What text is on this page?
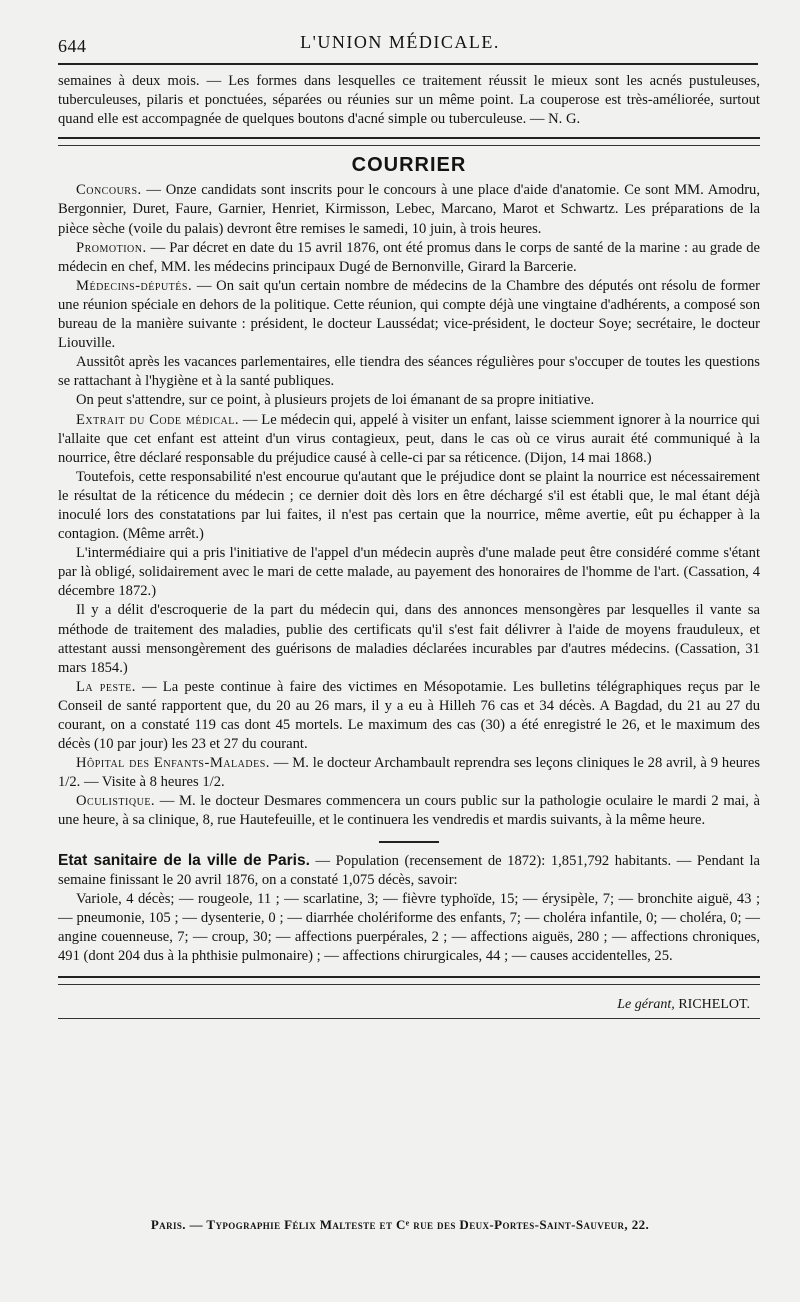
644	L'UNION MÉDICALE.

semaines à deux mois. — Les formes dans lesquelles ce traitement réussit le mieux sont les acnés pustuleuses, tuberculeuses, pilaris et ponctuées, séparées ou réunies sur un même point. La couperose est très-améliorée, surtout quand elle est accompagnée de quelques boutons d'acné simple ou tuberculeuse. — N. G.

COURRIER

Concours. — Onze candidats sont inscrits pour le concours à une place d'aide d'anatomie. Ce sont MM. Amodru, Bergonnier, Duret, Faure, Garnier, Henriet, Kirmisson, Lebec, Marcano, Marot et Schwartz. Les préparations de la pièce sèche (voile du palais) devront être remises le samedi, 10 juin, à trois heures.

Promotion. — Par décret en date du 15 avril 1876, ont été promus dans le corps de santé de la marine : au grade de médecin en chef, MM. les médecins principaux Dugé de Bernonville, Girard la Barcerie.

Médecins-députés. — On sait qu'un certain nombre de médecins de la Chambre des députés ont résolu de former une réunion spéciale en dehors de la politique. Cette réunion, qui compte déjà une vingtaine d'adhérents, a composé son bureau de la manière suivante : président, le docteur Laussédat; vice-président, le docteur Soye; secrétaire, le docteur Liouville.

Aussitôt après les vacances parlementaires, elle tiendra des séances régulières pour s'occuper de toutes les questions se rattachant à l'hygiène et à la santé publiques.

On peut s'attendre, sur ce point, à plusieurs projets de loi émanant de sa propre initiative.

Extrait du Code médical. — Le médecin qui, appelé à visiter un enfant, laisse sciemment ignorer à la nourrice qui l'allaite que cet enfant est atteint d'un virus contagieux, peut, dans le cas où ce virus aurait été communiqué à la nourrice, être déclaré responsable du préjudice causé à celle-ci par sa réticence. (Dijon, 14 mai 1868.)

Toutefois, cette responsabilité n'est encourue qu'autant que le préjudice dont se plaint la nourrice est nécessairement le résultat de la réticence du médecin ; ce dernier doit dès lors en être déchargé s'il est établi que, le mal étant déjà inoculé lors des constatations par lui faites, il n'est pas certain que la nourrice, même avertie, eût pu échapper à la contagion. (Même arrêt.)

L'intermédiaire qui a pris l'initiative de l'appel d'un médecin auprès d'une malade peut être considéré comme s'étant par là obligé, solidairement avec le mari de cette malade, au payement des honoraires de l'homme de l'art. (Cassation, 4 décembre 1872.)

Il y a délit d'escroquerie de la part du médecin qui, dans des annonces mensongères par lesquelles il vante sa méthode de traitement des maladies, publie des certificats qu'il s'est fait délivrer à l'aide de moyens frauduleux, et attestant aussi mensongèrement des guérisons de maladies déclarées incurables par d'autres médecins. (Cassation, 31 mars 1854.)

La peste. — La peste continue à faire des victimes en Mésopotamie. Les bulletins télégraphiques reçus par le Conseil de santé rapportent que, du 20 au 26 mars, il y a eu à Hilleh 76 cas et 34 décès. A Bagdad, du 21 au 27 du courant, on a constaté 119 cas dont 45 mortels. Le maximum des cas (30) a été enregistré le 26, et le maximum des décès (10 par jour) les 23 et 27 du courant.

Hôpital des Enfants-Malades. — M. le docteur Archambault reprendra ses leçons cliniques le 28 avril, à 9 heures 1/2. — Visite à 8 heures 1/2.

Oculistique. — M. le docteur Desmares commencera un cours public sur la pathologie oculaire le mardi 2 mai, à une heure, à sa clinique, 8, rue Hautefeuille, et le continuera les vendredis et mardis suivants, à la même heure.

Etat sanitaire de la ville de Paris. — Population (recensement de 1872): 1,851,792 habitants. — Pendant la semaine finissant le 20 avril 1876, on a constaté 1,075 décès, savoir:

Variole, 4 décès; — rougeole, 11 ; — scarlatine, 3; — fièvre typhoïde, 15; — érysipèle, 7; — bronchite aiguë, 43 ; — pneumonie, 105 ; — dysenterie, 0 ; — diarrhée cholériforme des enfants, 7; — choléra infantile, 0; — choléra, 0; — angine couenneuse, 7; — croup, 30; — affections puerpérales, 2 ; — affections aiguës, 280 ; — affections chroniques, 491 (dont 204 dus à la phthisie pulmonaire) ; — affections chirurgicales, 44 ; — causes accidentelles, 25.

Le gérant, RICHELOT.
Paris. — Typographie Félix Maltest​e et Cᵉ rue des Deux-Portes-Saint-Sauveur, 22.
